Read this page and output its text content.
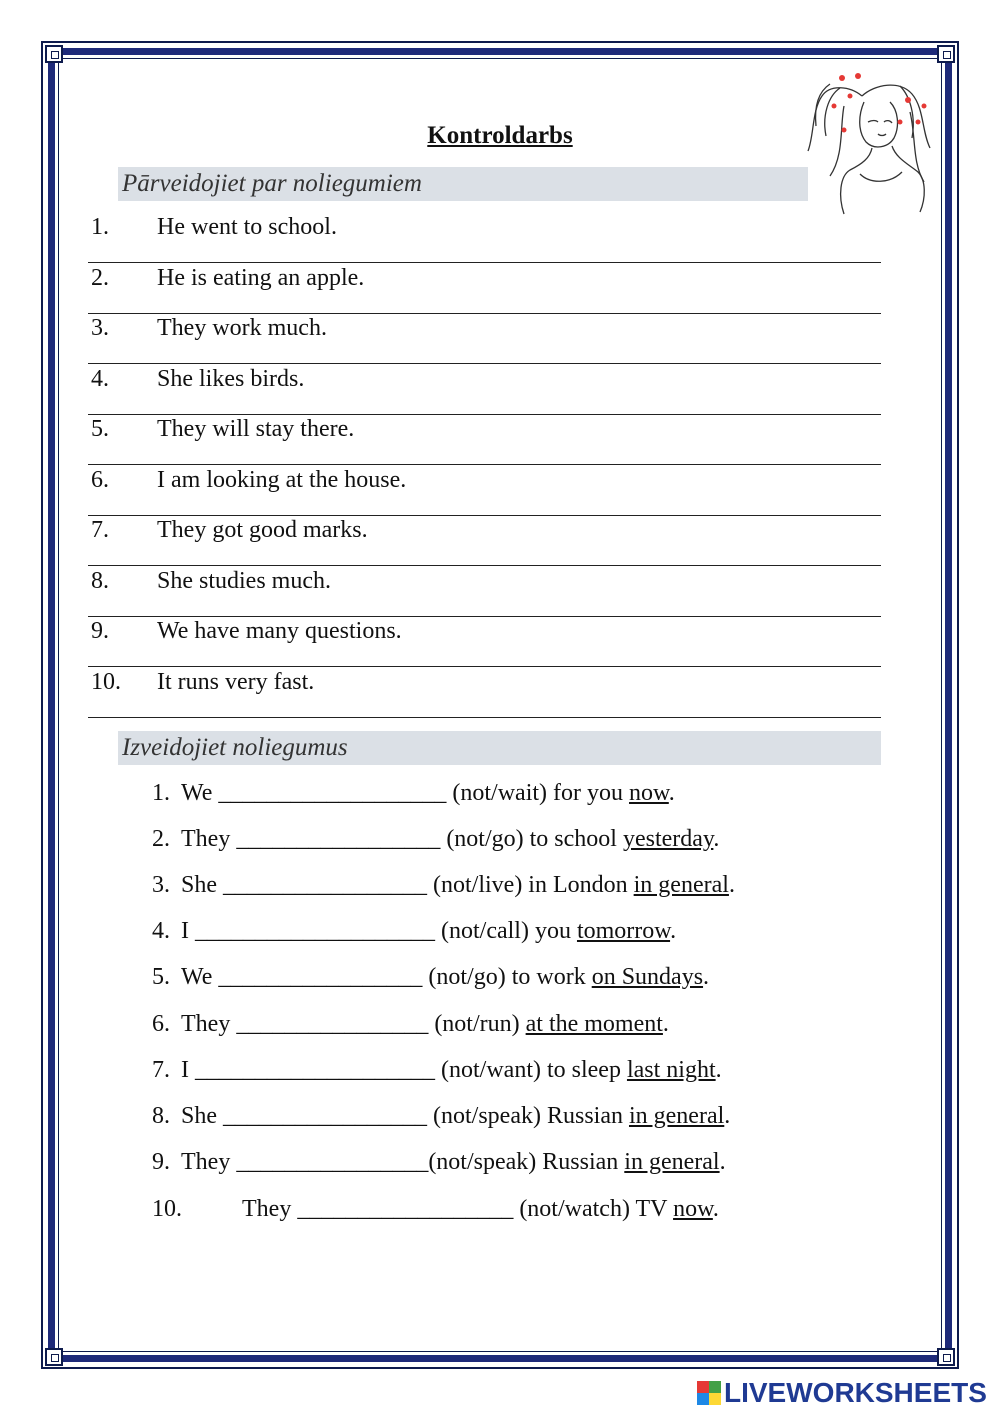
Kontroldarbs
Pārveidojiet par noliegumiem
1. He went to school.
2. He is eating an apple.
3. They work much.
4. She likes birds.
5. They will stay there.
6. I am looking at the house.
7. They got good marks.
8. She studies much.
9. We have many questions.
10. It runs very fast.
Izveidojiet noliegumus
1. We ___________________ (not/wait) for you now.
2. They _________________ (not/go) to school yesterday.
3. She _________________ (not/live) in London in general.
4. I ____________________ (not/call) you tomorrow.
5. We _________________ (not/go) to work on Sundays.
6. They ________________ (not/run) at the moment.
7. I ____________________ (not/want) to sleep last night.
8. She _________________ (not/speak) Russian in general.
9. They ________________(not/speak) Russian in general.
10.	They __________________ (not/watch) TV now.
LIVEWORKSHEETS
